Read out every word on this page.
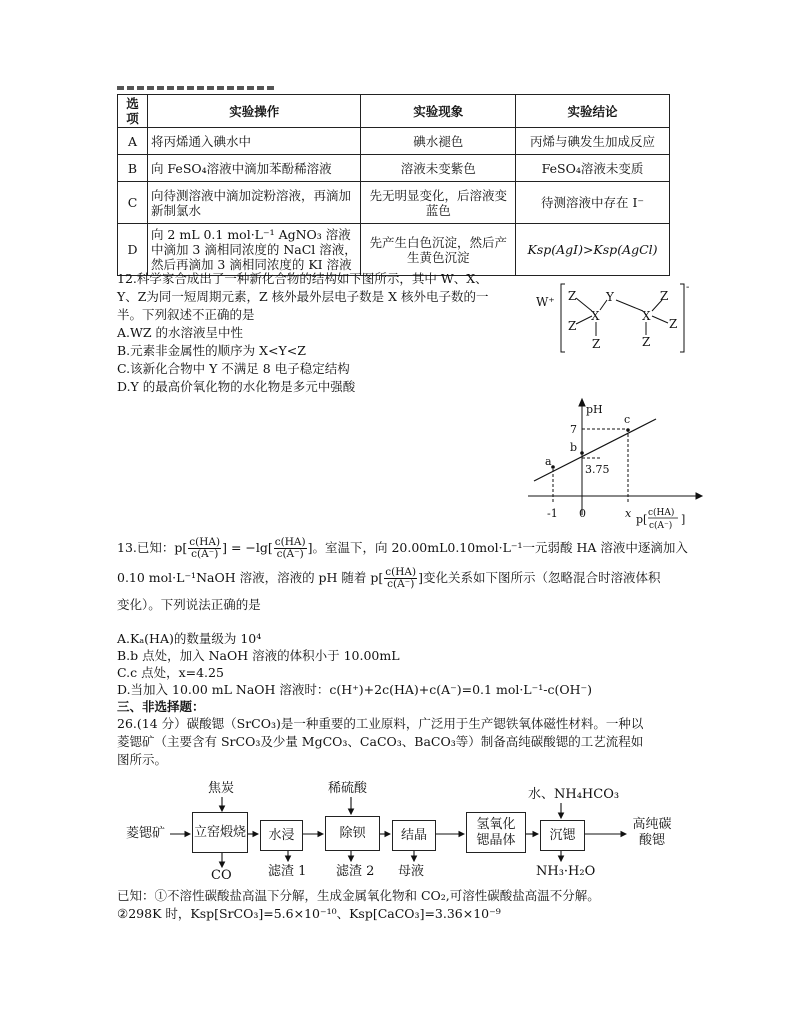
选项	实验操作	实验现象	实验结论
A	将丙烯通入碘水中	碘水褪色	丙烯与碘发生加成反应
B	向 FeSO₄溶液中滴加苯酚稀溶液	溶液未变紫色	FeSO₄溶液未变质
C	向待测溶液中滴加淀粉溶液，再滴加新制氯水	先无明显变化，后溶液变蓝色	待测溶液中存在 I⁻
D	向 2 mL 0.1 mol·L⁻¹ AgNO₃ 溶液中滴加 3 滴相同浓度的 NaCl 溶液，然后再滴加 3 滴相同浓度的 KI 溶液	先产生白色沉淀，然后产生黄色沉淀	Ksp(AgI)>Ksp(AgCl)
12.科学家合成出了一种新化合物的结构如下图所示，其中 W、X、
Y、Z为同一短周期元素，Z 核外最外层电子数是 X 核外电子数的一
半。下列叙述不正确的是
A.WZ 的水溶液呈中性
B.元素非金属性的顺序为 X<Y<Z
C.该新化合物中 Y 不满足 8 电子稳定结构
D.Y 的最高价氧化物的水化物是多元中强酸
W⁺	Y
X	X
Z
Z
Z
Z
Z
Z
-
pH
7
3.75
a
b
c
-1 0	x p[ c(HA)
c(A⁻) ]
13.已知：$p[ \frac{c(HA)}{c(A^-)}$ ] = $-\lg[ \frac{c(HA)}{c(A^-)}$ ]。室温下，向 20.00mL0.10mol·L⁻¹一元弱酸 HA 溶液中逐滴加入
0.10 mol·L⁻¹NaOH 溶液，溶液的 pH 随着 $p[ \frac{c(HA)}{c(A^-)}$ ]变化关系如下图所示（忽略混合时溶液体积
变化）。下列说法正确的是
A.Kₐ(HA)的数量级为 10⁴
B.b 点处，加入 NaOH 溶液的体积小于 10.00mL
C.c 点处，x=4.25
D.当加入 10.00 mL NaOH 溶液时：c(H⁺)+2c(HA)+c(A⁻)=0.1 mol·L⁻¹-c(OH⁻)
三、非选择题：
26.(14 分）碳酸锶（SrCO₃)是一种重要的工业原料，广泛用于生产锶铁氧体磁性材料。一种以
菱锶矿（主要含有 SrCO₃及少量 MgCO₃、CaCO₃、BaCO₃等）制备高纯碳酸锶的工艺流程如
图所示。
菱锶矿
焦炭
立窑煅烧
CO
水浸
滤渣 1
稀硫酸
除钡
滤渣 2
结晶
母液
氢氧化锶晶体
水、NH₄HCO₃
沉锶
NH₃·H₂O
高纯碳酸锶
已知：①不溶性碳酸盐高温下分解，生成金属氧化物和 CO₂,可溶性碳酸盐高温不分解。
②298K 时，Ksp[SrCO₃]=5.6×10⁻¹⁰、Ksp[CaCO₃]=3.36×10⁻⁹
